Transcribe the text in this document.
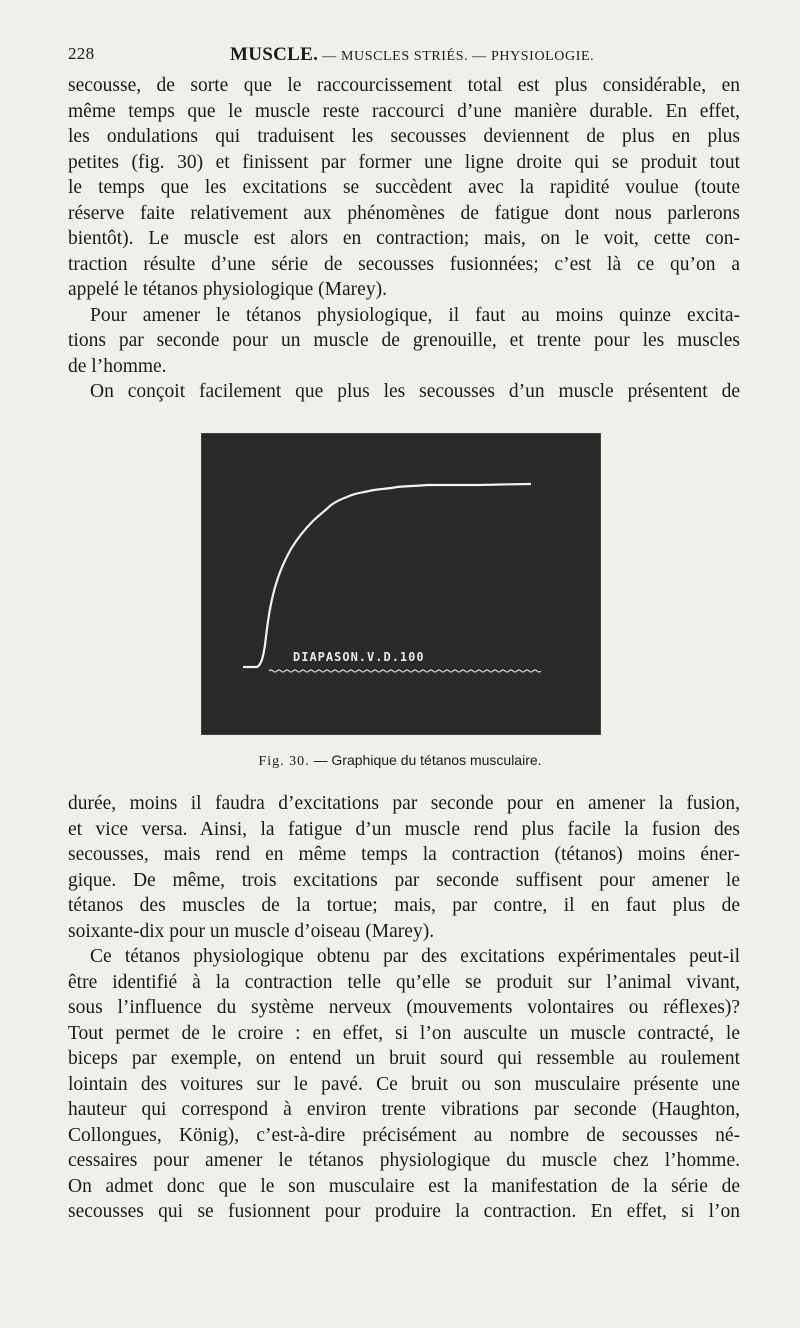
228	MUSCLE. — MUSCLES STRIÉS. — PHYSIOLOGIE.
secousse, de sorte que le raccourcissement total est plus considérable, en
même temps que le muscle reste raccourci d’une manière durable. En effet,
les ondulations qui traduisent les secousses deviennent de plus en plus
petites (fig. 30) et finissent par former une ligne droite qui se produit tout
le temps que les excitations se succèdent avec la rapidité voulue (toute
réserve faite relativement aux phénomènes de fatigue dont nous parlerons
bientôt). Le muscle est alors en contraction; mais, on le voit, cette con-
traction résulte d’une série de secousses fusionnées; c’est là ce qu’on a
appelé le tétanos physiologique (Marey).
Pour amener le tétanos physiologique, il faut au moins quinze excita-
tions par seconde pour un muscle de grenouille, et trente pour les muscles
de l’homme.
On conçoit facilement que plus les secousses d’un muscle présentent de
DIAPASON.V.D.100
Fig. 30. — Graphique du tétanos musculaire.
durée, moins il faudra d’excitations par seconde pour en amener la fusion,
et vice versa. Ainsi, la fatigue d’un muscle rend plus facile la fusion des
secousses, mais rend en même temps la contraction (tétanos) moins éner-
gique. De même, trois excitations par seconde suffisent pour amener le
tétanos des muscles de la tortue; mais, par contre, il en faut plus de
soixante-dix pour un muscle d’oiseau (Marey).
Ce tétanos physiologique obtenu par des excitations expérimentales peut-il
être identifié à la contraction telle qu’elle se produit sur l’animal vivant,
sous l’influence du système nerveux (mouvements volontaires ou réflexes)?
Tout permet de le croire : en effet, si l’on ausculte un muscle contracté, le
biceps par exemple, on entend un bruit sourd qui ressemble au roulement
lointain des voitures sur le pavé. Ce bruit ou son musculaire présente une
hauteur qui correspond à environ trente vibrations par seconde (Haughton,
Collongues, König), c’est-à-dire précisément au nombre de secousses né-
cessaires pour amener le tétanos physiologique du muscle chez l’homme.
On admet donc que le son musculaire est la manifestation de la série de
secousses qui se fusionnent pour produire la contraction. En effet, si l’on
